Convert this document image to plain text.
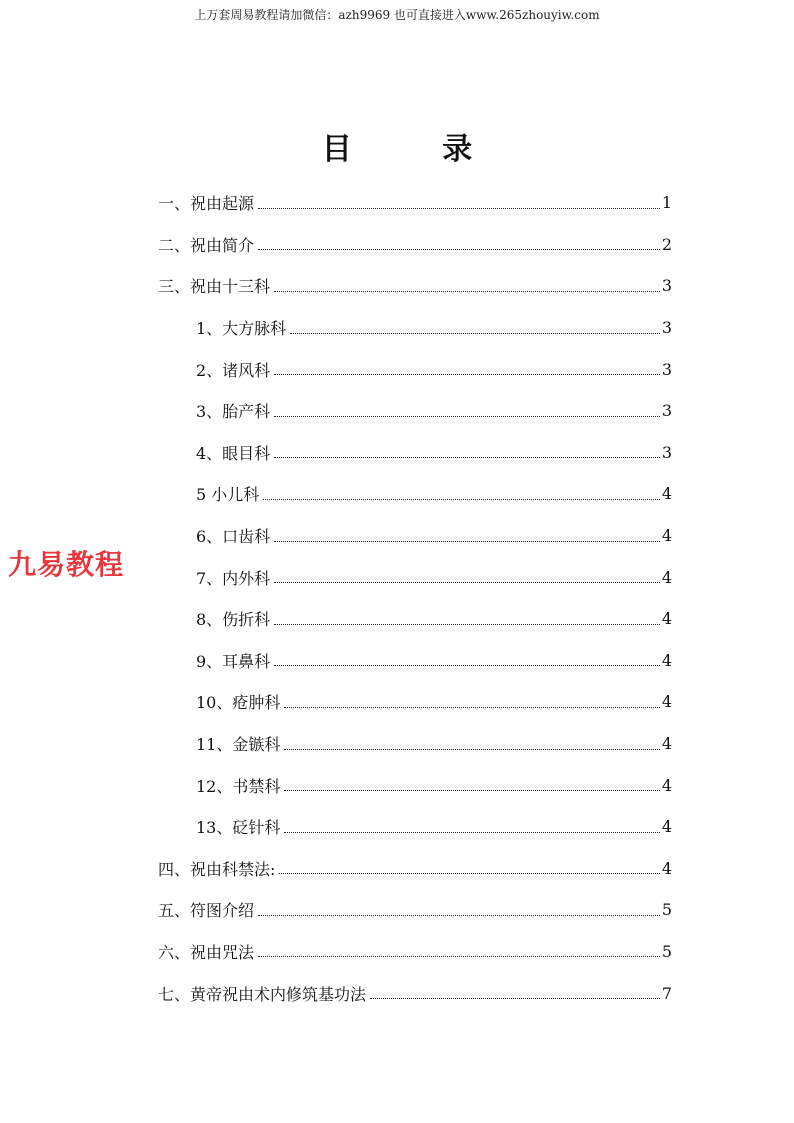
上万套周易教程请加微信：azh9969 也可直接进入www.265zhouyiw.com
九易教程
目 录
一、祝由起源	1
二、祝由简介	2
三、祝由十三科	3
1、大方脉科	3
2、诸风科	3
3、胎产科	3
4、眼目科	3
5 小儿科	4
6、口齿科	4
7、内外科	4
8、伤折科	4
9、耳鼻科	4
10、疮肿科	4
11、金镞科	4
12、书禁科	4
13、砭针科	4
四、祝由科禁法:	4
五、符图介绍	5
六、祝由咒法	5
七、黄帝祝由术内修筑基功法	7
